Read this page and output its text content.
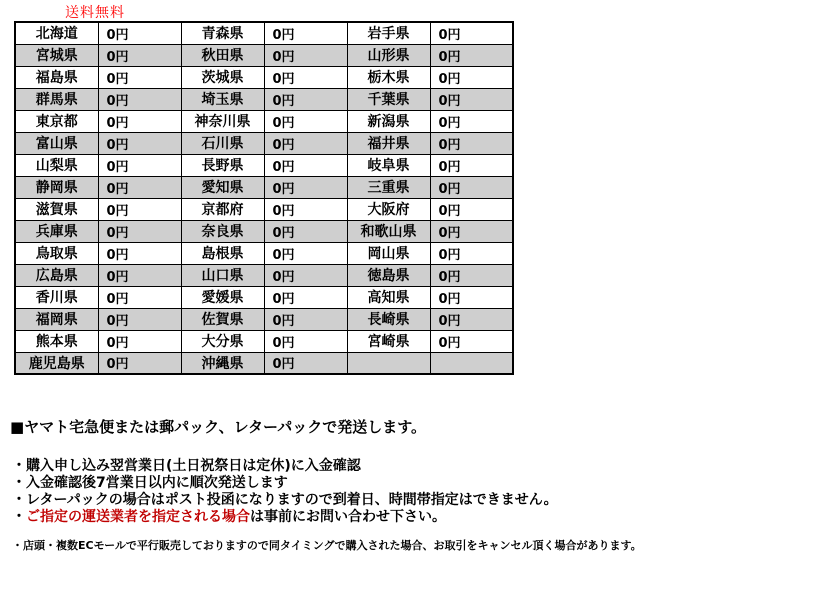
送料無料
北海道	0円	青森県	0円	岩手県	0円
宮城県	0円	秋田県	0円	山形県	0円
福島県	0円	茨城県	0円	栃木県	0円
群馬県	0円	埼玉県	0円	千葉県	0円
東京都	0円	神奈川県	0円	新潟県	0円
富山県	0円	石川県	0円	福井県	0円
山梨県	0円	長野県	0円	岐阜県	0円
静岡県	0円	愛知県	0円	三重県	0円
滋賀県	0円	京都府	0円	大阪府	0円
兵庫県	0円	奈良県	0円	和歌山県	0円
鳥取県	0円	島根県	0円	岡山県	0円
広島県	0円	山口県	0円	徳島県	0円
香川県	0円	愛媛県	0円	高知県	0円
福岡県	0円	佐賀県	0円	長崎県	0円
熊本県	0円	大分県	0円	宮崎県	0円
鹿児島県	0円	沖縄県	0円		
■ヤマト宅急便または郵パック、レターパックで発送します。
・購入申し込み翌営業日(土日祝祭日は定休)に入金確認
・入金確認後7営業日以内に順次発送します
・レターパックの場合はポスト投函になりますので到着日、時間帯指定はできません。
・ご指定の運送業者を指定される場合は事前にお問い合わせ下さい。
・店頭・複数ECモールで平行販売しておりますので同タイミングで購入された場合、お取引をキャンセル頂く場合があります。
